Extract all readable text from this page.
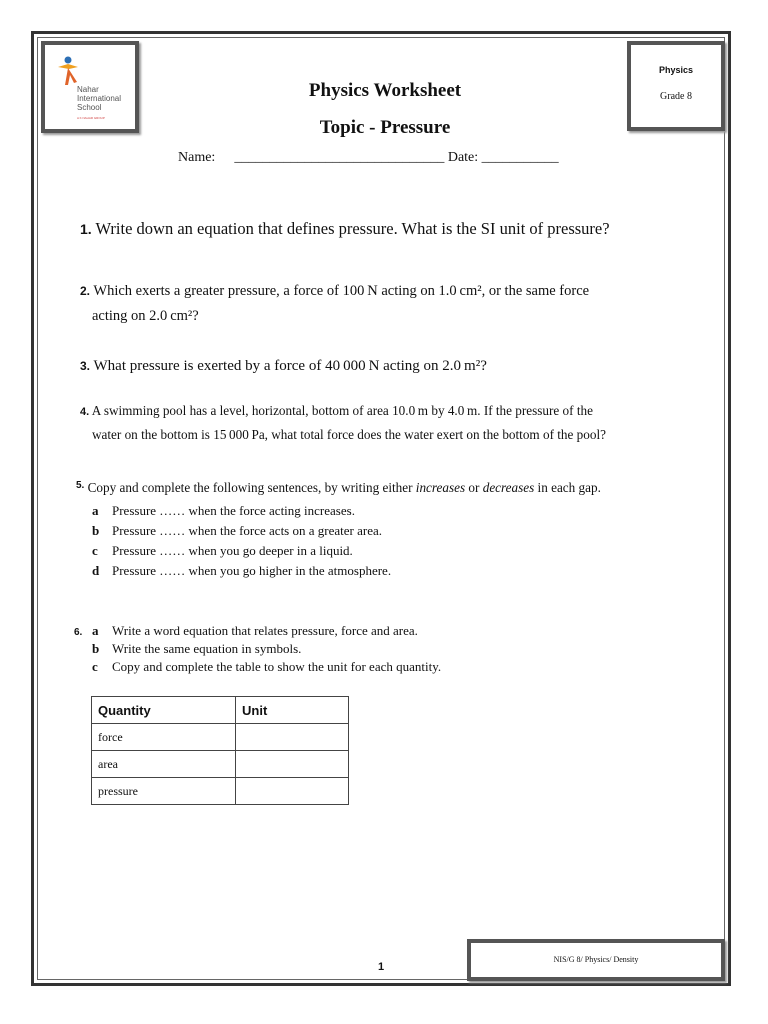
Nahar
International
School
A K NAHAR GROUP
Physics
Grade 8
Physics Worksheet
Topic - Pressure
Name: ______________________________ Date: ___________
1. Write down an equation that defines pressure. What is the SI unit of pressure?
2. Which exerts a greater pressure, a force of 100 N acting on 1.0 cm², or the same force
acting on 2.0 cm²?
3. What pressure is exerted by a force of 40 000 N acting on 2.0 m²?
4. A swimming pool has a level, horizontal, bottom of area 10.0 m by 4.0 m. If the pressure of the
water on the bottom is 15 000 Pa, what total force does the water exert on the bottom of the pool?
$^{5.}$ Copy and complete the following sentences, by writing either increases or decreases in each gap.
a Pressure …… when the force acting increases.
b Pressure …… when the force acts on a greater area.
c Pressure …… when you go deeper in a liquid.
d Pressure …… when you go higher in the atmosphere.
6. a Write a word equation that relates pressure, force and area.
b Write the same equation in symbols.
c Copy and complete the table to show the unit for each quantity.
Quantity	Unit
force	
area	
pressure	
1
NIS/G 8/ Physics/ Density
